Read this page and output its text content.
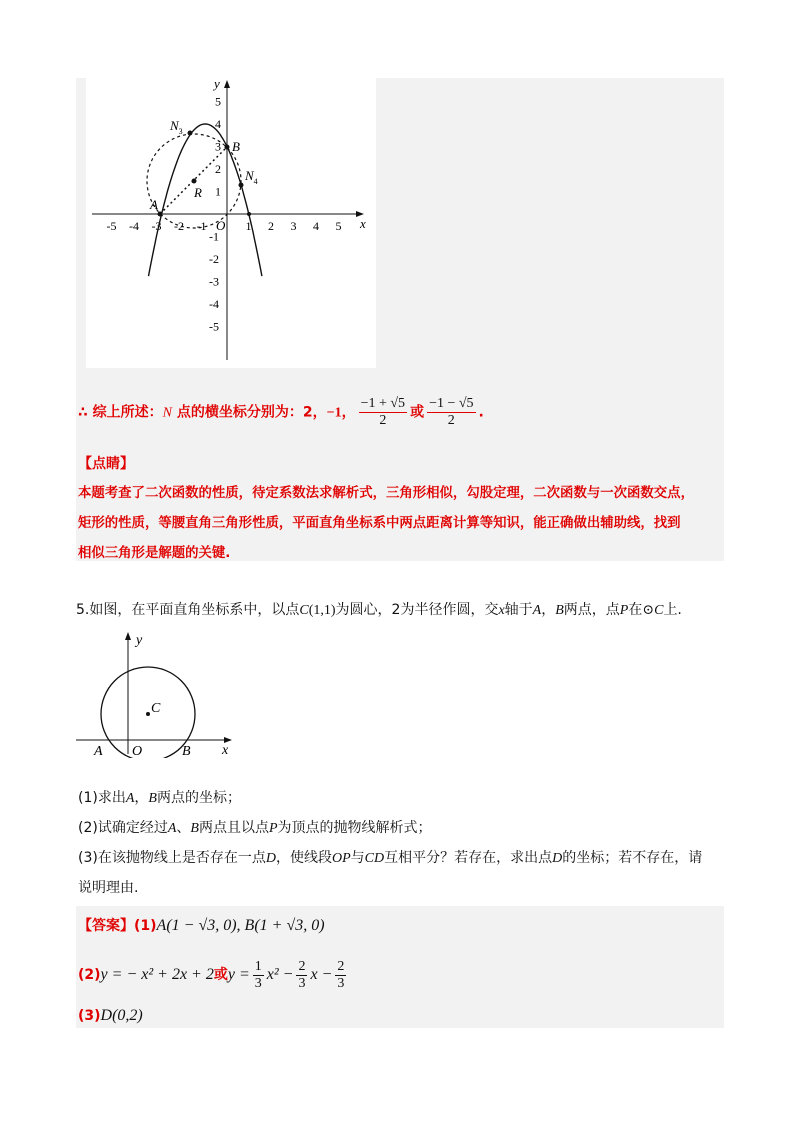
x
y
-5 -4 -3 -2 -1	1 2 3 4 5
5
4
3
2
1
-1
-2
-3
-4
-5
A
B
R
$N_3$
$N_4$
O
∴ 综上所述：N 点的横坐标分别为：2，−1， $\frac{-1 + √5}{2}$ 或 $\frac{-1 - √5}{2}$ .
【点睛】
本题考查了二次函数的性质，待定系数法求解析式，三角形相似，勾股定理，二次函数与一次函数交点，
矩形的性质，等腰直角三角形性质，平面直角坐标系中两点距离计算等知识，能正确做出辅助线，找到
相似三角形是解题的关键.
5.如图，在平面直角坐标系中，以点C(1,1)为圆心，2为半径作圆，交x轴于A，B两点，点P在⊙C上.
y
x
C
A O	B
(1)求出A，B两点的坐标；
(2)试确定经过A、B两点且以点P为顶点的抛物线解析式；
(3)在该抛物线上是否存在一点D，使线段OP与CD互相平分？若存在，求出点D的坐标；若不存在，请
说明理由.
【答案】(1)A(1 − √3, 0), B(1 + √3, 0)
(2)y = − x² + 2x + 2或$y = \frac{1}{3} x^2 - \frac{2}{3}$ $x - \frac{2}{3}$
(3)D(0,2)
